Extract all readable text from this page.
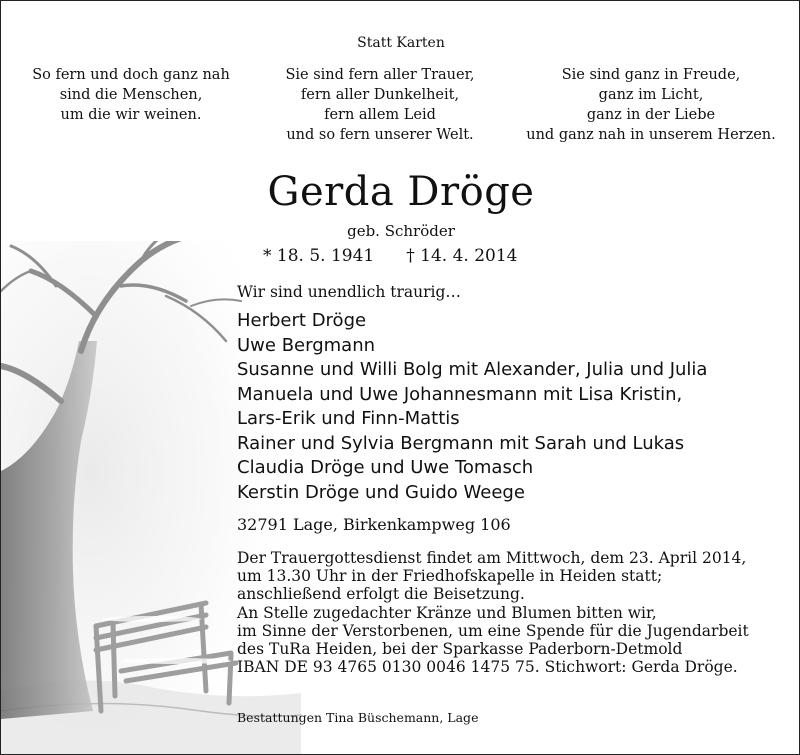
Statt Karten
So fern und doch ganz nah
sind die Menschen,
um die wir weinen.
Sie sind fern aller Trauer,
fern aller Dunkelheit,
fern allem Leid
und so fern unserer Welt.
Sie sind ganz in Freude,
ganz im Licht,
ganz in der Liebe
und ganz nah in unserem Herzen.
Gerda Dröge
geb. Schröder
* 18. 5. 1941 † 14. 4. 2014
Wir sind unendlich traurig…
Herbert Dröge
Uwe Bergmann
Susanne und Willi Bolg mit Alexander, Julia und Julia
Manuela und Uwe Johannesmann mit Lisa Kristin,
Lars-Erik und Finn-Mattis
Rainer und Sylvia Bergmann mit Sarah und Lukas
Claudia Dröge und Uwe Tomasch
Kerstin Dröge und Guido Weege
32791 Lage, Birkenkampweg 106
Der Trauergottesdienst findet am Mittwoch, dem 23. April 2014,
um 13.30 Uhr in der Friedhofskapelle in Heiden statt;
anschließend erfolgt die Beisetzung.
An Stelle zugedachter Kränze und Blumen bitten wir,
im Sinne der Verstorbenen, um eine Spende für die Jugendarbeit
des TuRa Heiden, bei der Sparkasse Paderborn-Detmold
IBAN DE 93 4765 0130 0046 1475 75. Stichwort: Gerda Dröge.
Bestattungen Tina Büschemann, Lage
